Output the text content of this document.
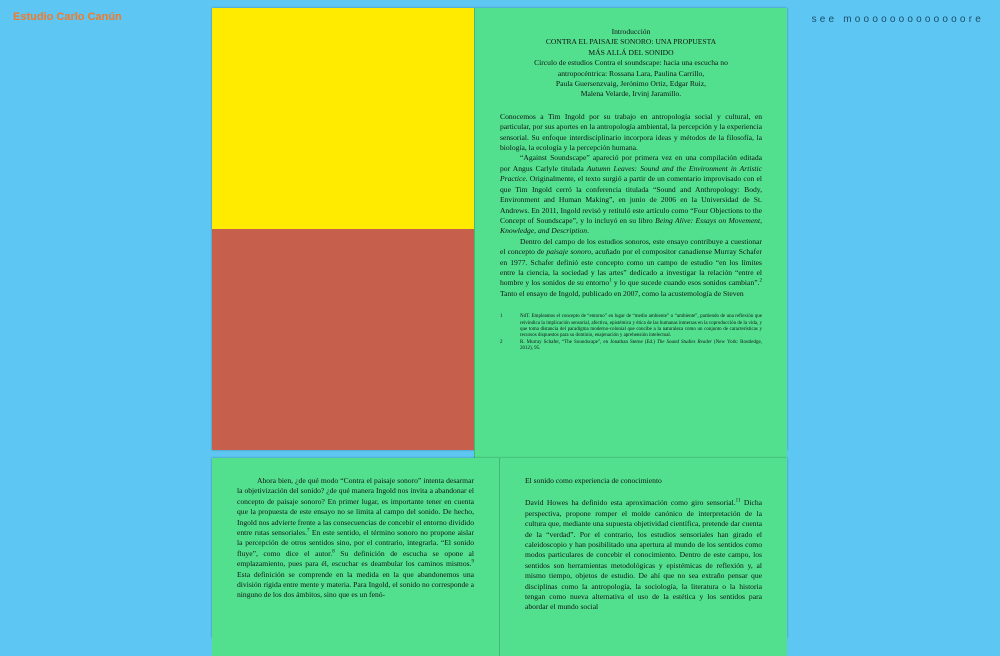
Estudio Carlo Canún	see mooooooooooooore
Introducción
CONTRA EL PAISAJE SONORO: UNA PROPUESTA
MÁS ALLÁ DEL SONIDO
Círculo de estudios Contra el soundscape: hacia una escucha no
antropocéntrica: Rossana Lara, Paulina Carrillo,
Paula Guersenzvaig, Jerónimo Ortiz, Edgar Ruiz,
Malena Velarde, Irvinj Jaramillo.

Conocemos a Tim Ingold por su trabajo en antropología social y cultural, en particular, por sus aportes en la antropología ambiental, la percepción y la experiencia sensorial. Su enfoque interdisciplinario incorpora ideas y métodos de la filosofía, la biología, la ecología y la percepción humana.

“Against Soundscape” apareció por primera vez en una compilación editada por Angus Carlyle titulada Autumn Leaves: Sound and the Environment in Artistic Practice. Originalmente, el texto surgió a partir de un comentario improvisado con el que Tim Ingold cerró la conferencia titulada “Sound and Anthropology: Body, Environment and Human Making”, en junio de 2006 en la Universidad de St. Andrews. En 2011, Ingold revisó y retituló este artículo como “Four Objections to the Concept of Soundscape”, y lo incluyó en su libro Being Alive: Essays on Movement, Knowledge, and Description.

Dentro del campo de los estudios sonoros, este ensayo contribuye a cuestionar el concepto de paisaje sonoro, acuñado por el compositor canadiense Murray Schafer en 1977. Schafer definió este concepto como un campo de estudio “en los límites entre la ciencia, la sociedad y las artes” dedicado a investigar la relación “entre el hombre y los sonidos de su entorno$^1$ y lo que sucede cuando esos sonidos cambian”.$^2$ Tanto el ensayo de Ingold, publicado en 2007, como la acustemología de Steven

1	NdT. Empleamos el concepto de “entorno” en lugar de “medio ambiente” o “ambiente”, partiendo de una reflexión que reivindica la implicación sensorial, afectiva, epistémica y ética de las humanas inmersas en la coproducción de la vida, y que toma distancia del paradigma moderno-colonial que concibe a la naturaleza como un conjunto de características y recursos dispuestos para su dominio, enajenación y aprehensión intelectual.
2	R. Murray Schafer, “The Soundscape”, en Jonathan Sterne (Ed.) The Sound Studies Reader (New York: Routledge, 2012), 95.

Ahora bien, ¿de qué modo “Contra el paisaje sonoro” intenta desarmar la objetivización del sonido? ¿de qué manera Ingold nos invita a abandonar el concepto de paisaje sonoro? En primer lugar, es importante tener en cuenta que la propuesta de este ensayo no se limita al campo del sonido. De hecho, Ingold nos advierte frente a las consecuencias de concebir el entorno dividido entre rutas sensoriales.$^7$ En este sentido, el término sonoro no propone aislar la percepción de otros sentidos sino, por el contrario, integrarla. “El sonido fluye”, como dice el autor.$^8$ Su definición de escucha se opone al emplazamiento, pues para él, escuchar es deambular los caminos mismos.$^9$ Esta definición se comprende en la medida en la que abandonemos una división rígida entre mente y materia. Para Ingold, el sonido no corresponde a ninguno de los dos ámbitos, sino que es un fenó-

El sonido como experiencia de conocimiento

David Howes ha definido esta aproximación como giro sensorial.$^{11}$ Dicha perspectiva, propone romper el molde canónico de interpretación de la cultura que, mediante una supuesta objetividad científica, pretende dar cuenta de la “verdad”. Por el contrario, los estudios sensoriales han girado el caleidoscopio y han posibilitado una apertura al mundo de los sentidos como modos particulares de concebir el conocimiento. Dentro de este campo, los sentidos son herramientas metodológicas y epistémicas de reflexión y, al mismo tiempo, objetos de estudio. De ahí que no sea extraño pensar que disciplinas como la antropología, la sociología, la literatura o la historia tengan como nueva alternativa el uso de la estética y los sentidos para abordar el mundo social
